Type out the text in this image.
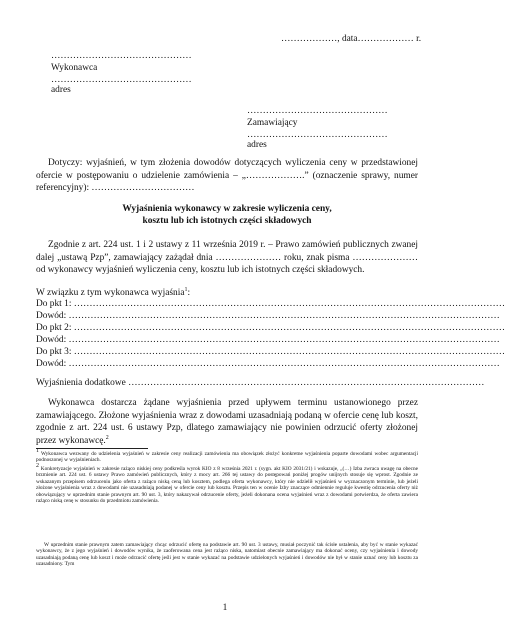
………………, data……………… r.
………………………………………
Wykonawca
………………………………………
adres
………………………………………
Zamawiający
………………………………………
adres
Dotyczy: wyjaśnień, w tym złożenia dowodów dotyczących wyliczenia ceny w przedstawionej ofercie w postępowaniu o udzielenie zamówienia – „……………….” (oznaczenie sprawy, numer referencyjny): ……………………………
Wyjaśnienia wykonawcy w zakresie wyliczenia ceny,
kosztu lub ich istotnych części składowych
Zgodnie z art. 224 ust. 1 i 2 ustawy z 11 września 2019 r. – Prawo zamówień publicznych zwanej dalej „ustawą Pzp”, zamawiający zażądał dnia ………………… roku, znak pisma ………………… od wykonawcy wyjaśnień wyliczenia ceny, kosztu lub ich istotnych części składowych.
W związku z tym wykonawca wyjaśnia$^1$:
Do pkt 1: …………………………………………………………………………………………………………………………
Dowód: …………………………………………………………………………………………………………………………
Do pkt 2: …………………………………………………………………………………………………………………………
Dowód: …………………………………………………………………………………………………………………………
Do pkt 3: …………………………………………………………………………………………………………………………
Dowód: …………………………………………………………………………………………………………………………
Wyjaśnienia dodatkowe ……………………………………………………………………………………………………
Wykonawca dostarcza żądane wyjaśnienia przed upływem terminu ustanowionego przez zamawiającego. Złożone wyjaśnienia wraz z dowodami uzasadniają podaną w ofercie cenę lub koszt, zgodnie z art. 224 ust. 6 ustawy Pzp, dlatego zamawiający nie powinien odrzucić oferty złożonej przez wykonawcę.$^2$
$^1$ Wykonawca wezwany do udzielenia wyjaśnień w zakresie ceny realizacji zamówienia ma obowiązek złożyć konkretne wyjaśnienia poparte dowodami wobec argumentacji podnoszonej w wyjaśnieniach.
$^2$ Konkretyzacje wyjaśnień w zakresie rażąco niskiej ceny podkreśla wyrok KIO z 8 września 2021 r. (sygn. akt KIO 2031/21) i wskazuje, „(…) Izba zwraca uwagę na obecne brzmienie art. 224 ust. 6 ustawy Prawo zamówień publicznych, który z mocy art. 266 tej ustawy do postępowań poniżej progów unijnych stosuje się wprost. Zgodnie ze wskazanym przepisem odrzuceniu jako oferta z rażąco niską ceną lub kosztem, podlega oferta wykonawcy, który nie udzielił wyjaśnień w wyznaczonym terminie, lub jeżeli złożone wyjaśnienia wraz z dowodami nie uzasadniają podanej w ofercie ceny lub kosztu. Przepis ten w ocenie Izby znaczące odmiennie reguluje kwestię odrzucenia oferty niż obowiązujący w uprzednim stanie prawnym art. 90 ust. 3, który nakazywał odrzucenie oferty, jeżeli dokonana ocena wyjaśnień wraz z dowodami potwierdza, że oferta zawiera rażąco niską cenę w stosunku do przedmiotu zamówienia.
W uprzednim stanie prawnym zatem zamawiający chcąc odrzucić ofertę na podstawie art. 90 ust. 3 ustawy, musiał poczynić tak ścisłe ustalenia, aby być w stanie wykazać wykonawcy, że z jego wyjaśnień i dowodów wynika, że zaoferowana cena jest rażąco niska, natomiast obecnie zamawiający ma dokonać oceny, czy wyjaśnienia i dowody uzasadniają podaną cenę lub koszt i może odrzucić ofertę jeśli jest w stanie wykazać na podstawie udzielonych wyjaśnień i dowodów nie był w stanie uznać ceny lub kosztu za uzasadniony. Tym
1
